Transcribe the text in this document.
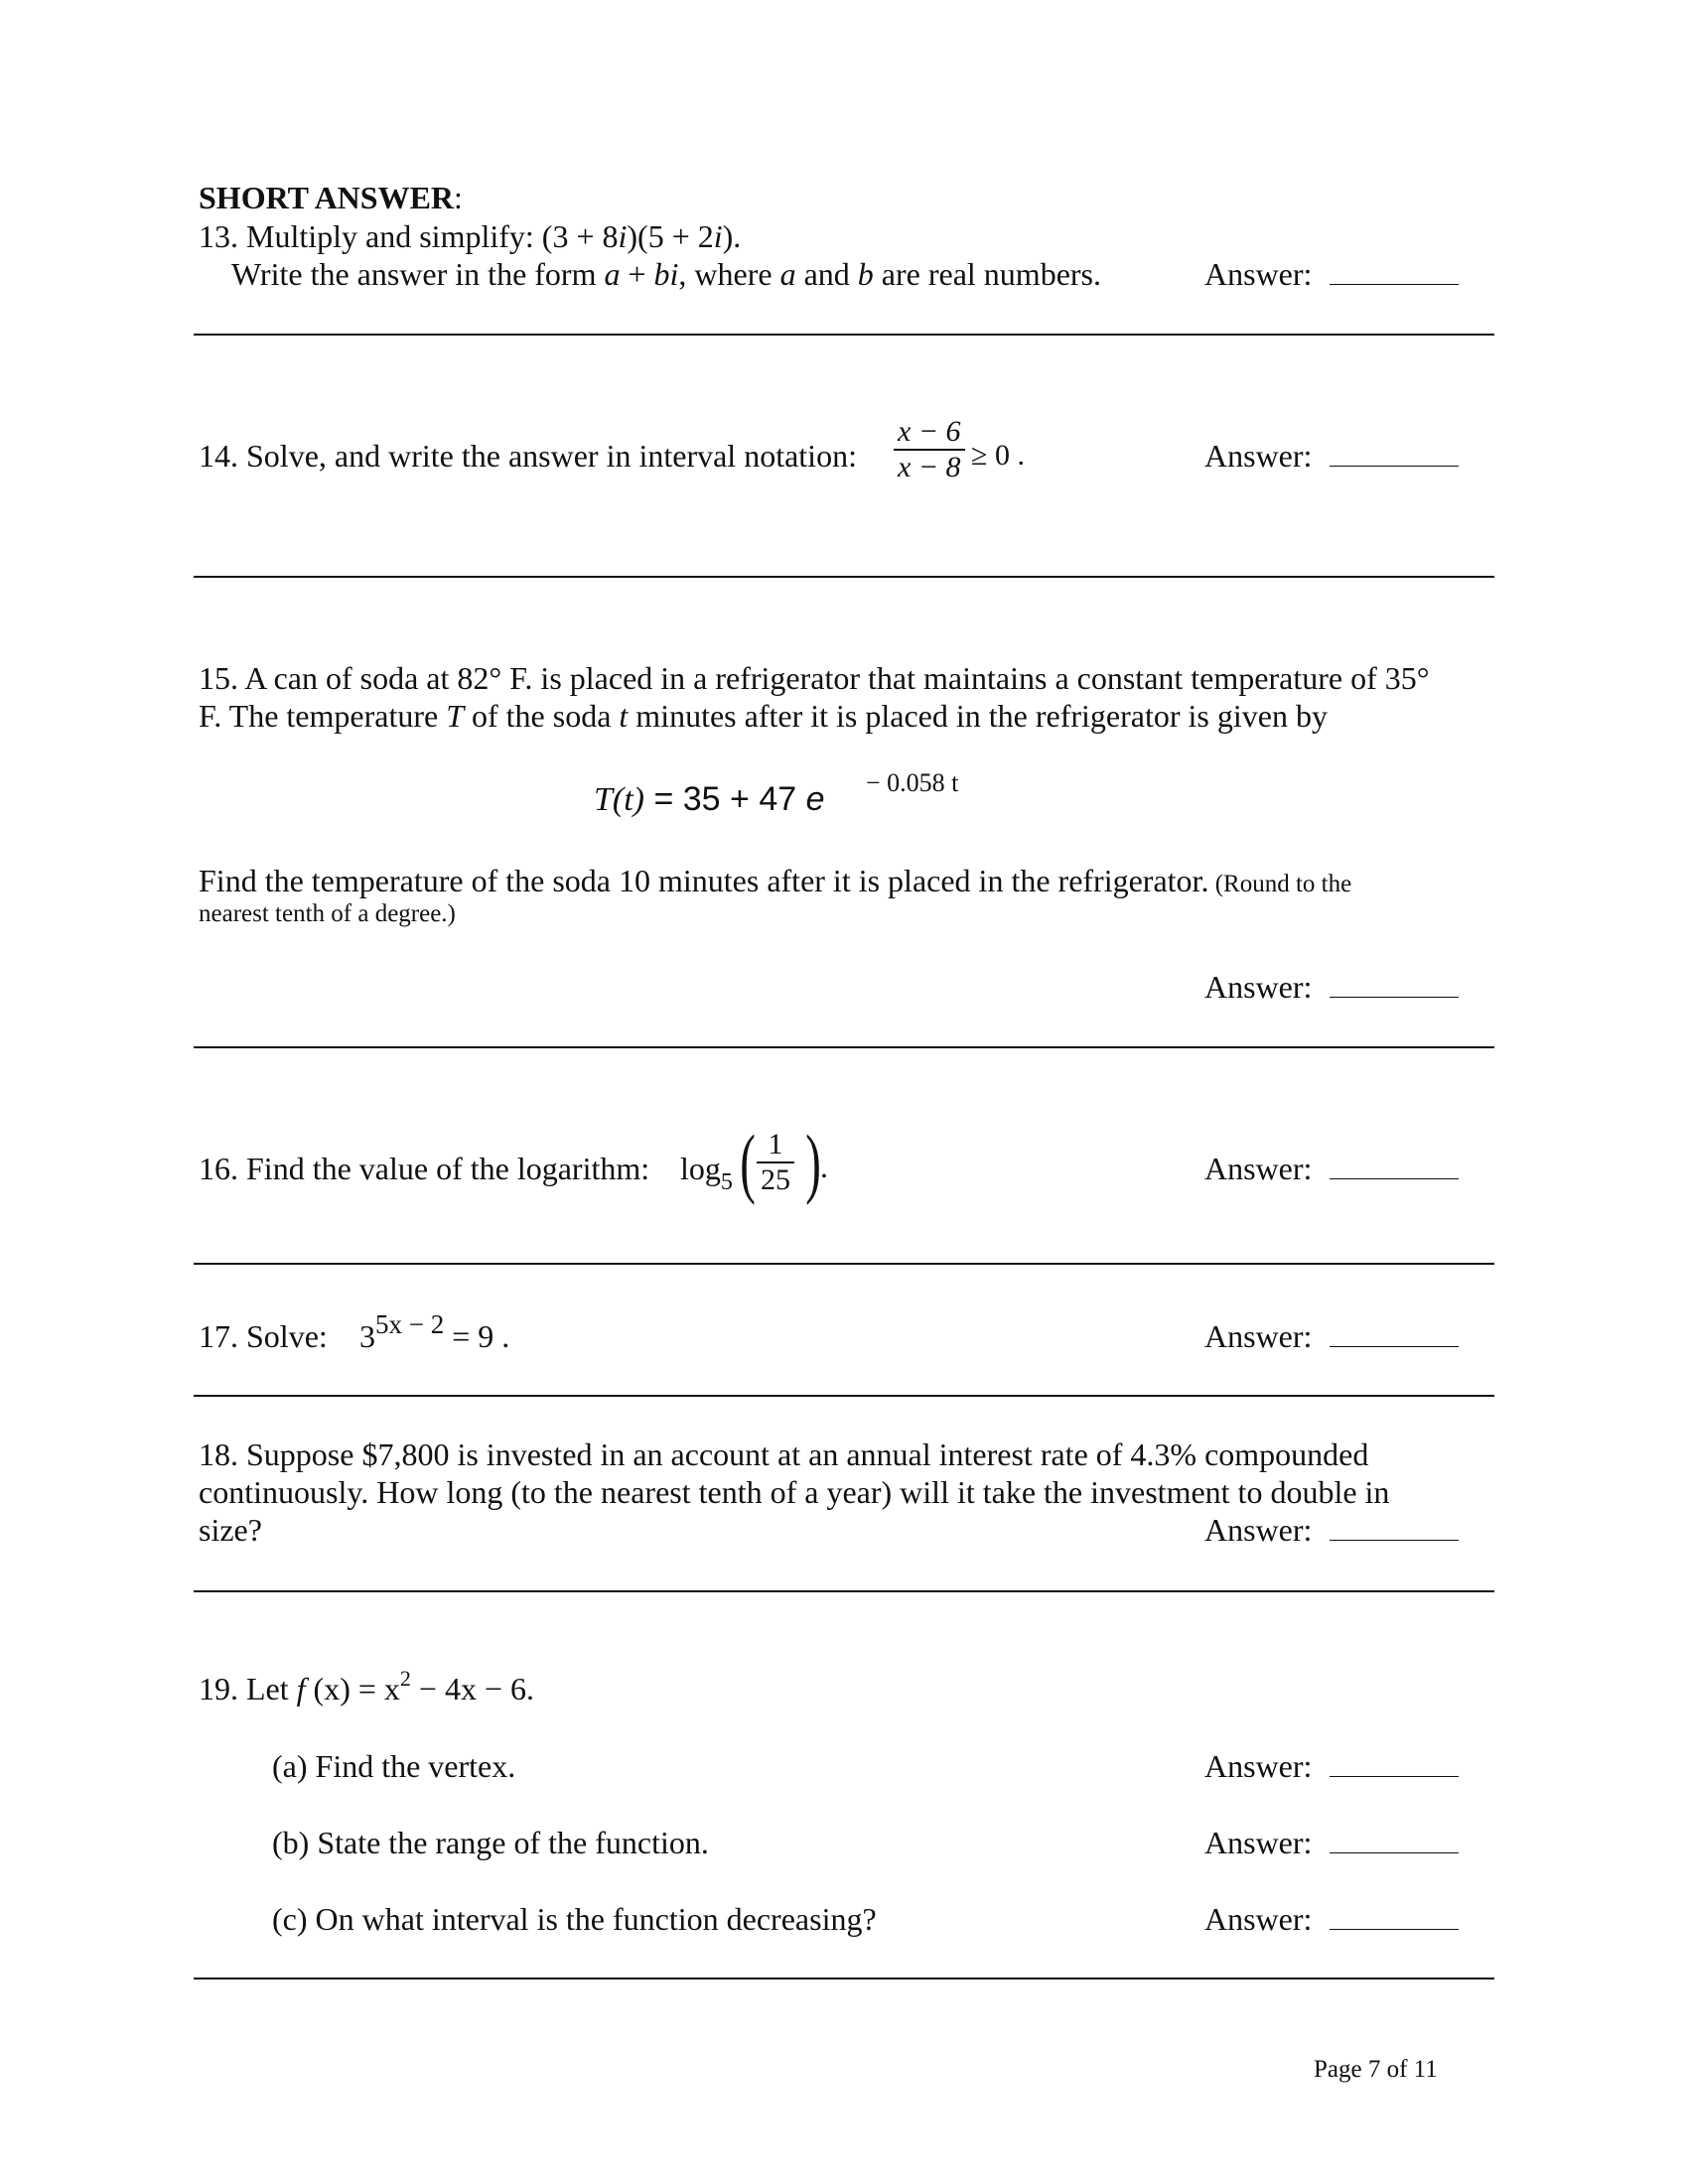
SHORT ANSWER:
13. Multiply and simplify: (3 + 8i)(5 + 2i).
Write the answer in the form a + bi, where a and b are real numbers.	Answer:
14. Solve, and write the answer in interval notation: $\frac{x - 6}{x - 8} \ge 0$ .	Answer:
15. A can of soda at 82° F. is placed in a refrigerator that maintains a constant temperature of 35°
F. The temperature T of the soda t minutes after it is placed in the refrigerator is given by
T(t) = 35 + 47 e − 0.058 t
Find the temperature of the soda 10 minutes after it is placed in the refrigerator. (Round to the
nearest tenth of a degree.)
Answer:
16. Find the value of the logarithm: $\log_5$ ( $\frac{1}{25}$ ) .	Answer:
17. Solve: $3^{5x - 2} = 9$ .	Answer:
18. Suppose $7,800 is invested in an account at an annual interest rate of 4.3% compounded
continuously. How long (to the nearest tenth of a year) will it take the investment to double in
size?	Answer:
19. Let f $(x) = x^2 - 4x - 6$.
(a) Find the vertex.	Answer:
(b) State the range of the function.	Answer:
(c) On what interval is the function decreasing?	Answer:
Page 7 of 11
